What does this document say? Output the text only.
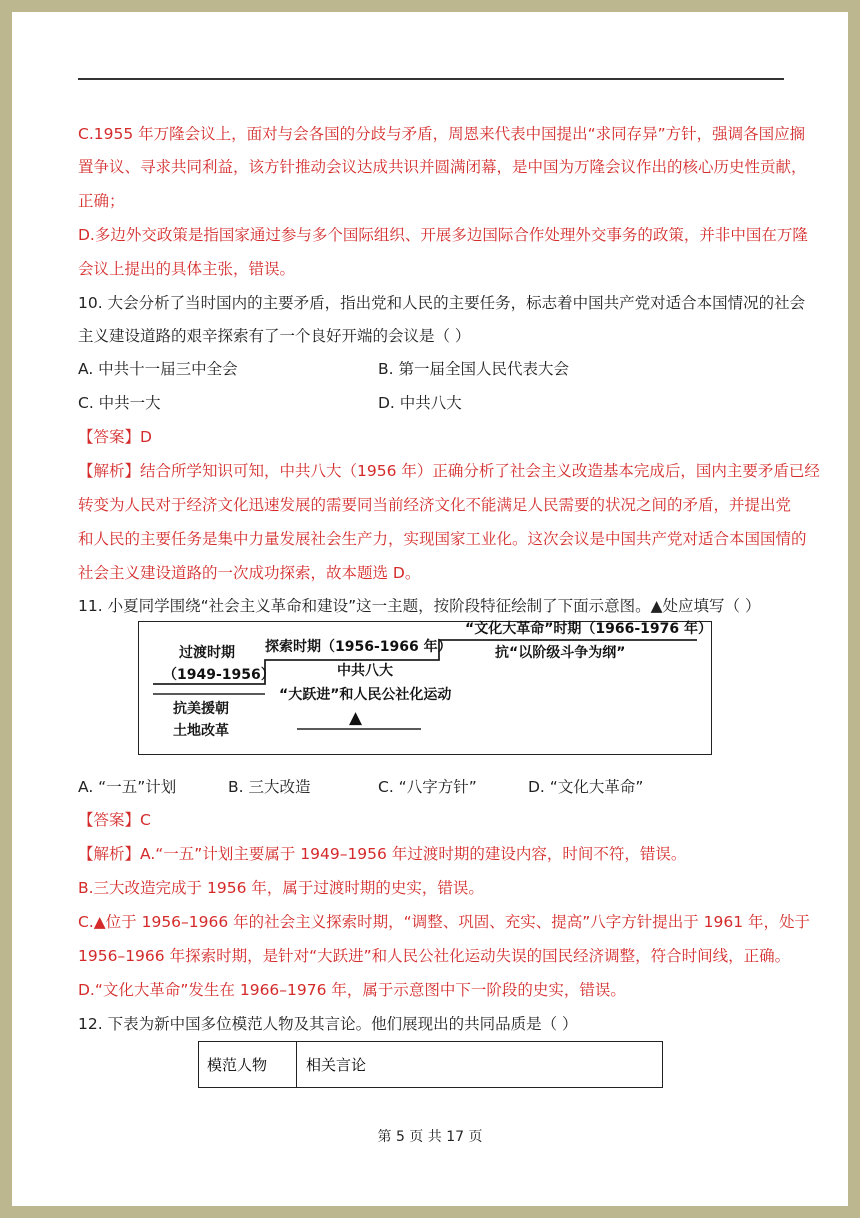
C.1955 年万隆会议上，面对与会各国的分歧与矛盾，周恩来代表中国提出“求同存异”方针，强调各国应搁
置争议、寻求共同利益，该方针推动会议达成共识并圆满闭幕，是中国为万隆会议作出的核心历史性贡献，
正确；
D.多边外交政策是指国家通过参与多个国际组织、开展多边国际合作处理外交事务的政策，并非中国在万隆
会议上提出的具体主张，错误。
10. 大会分析了当时国内的主要矛盾，指出党和人民的主要任务，标志着中国共产党对适合本国情况的社会
主义建设道路的艰辛探索有了一个良好开端的会议是（ ）
A. 中共十一届三中全会	B. 第一届全国人民代表大会
C. 中共一大	D. 中共八大
【答案】D
【解析】结合所学知识可知，中共八大（1956 年）正确分析了社会主义改造基本完成后，国内主要矛盾已经
转变为人民对于经济文化迅速发展的需要同当前经济文化不能满足人民需要的状况之间的矛盾，并提出党
和人民的主要任务是集中力量发展社会生产力，实现国家工业化。这次会议是中国共产党对适合本国国情的
社会主义建设道路的一次成功探索，故本题选 D。
11. 小夏同学围绕“社会主义革命和建设”这一主题，按阶段特征绘制了下面示意图。▲处应填写（ ）
“文化大革命”时期（1966-1976 年）
抗“以阶级斗争为纲”
探索时期（1956-1966 年）
中共八大
“大跃进”和人民公社化运动
▲
过渡时期
（1949-1956）
抗美援朝
土地改革
A. “一五”计划	B. 三大改造	C. “八字方针”	D. “文化大革命”
【答案】C
【解析】A.“一五”计划主要属于 1949–1956 年过渡时期的建设内容，时间不符，错误。
B.三大改造完成于 1956 年，属于过渡时期的史实，错误。
C.▲位于 1956–1966 年的社会主义探索时期，“调整、巩固、充实、提高”八字方针提出于 1961 年，处于
1956–1966 年探索时期，是针对“大跃进”和人民公社化运动失误的国民经济调整，符合时间线，正确。
D.“文化大革命”发生在 1966–1976 年，属于示意图中下一阶段的史实，错误。
12. 下表为新中国多位模范人物及其言论。他们展现出的共同品质是（ ）
模范人物	相关言论
第 5 页 共 17 页
